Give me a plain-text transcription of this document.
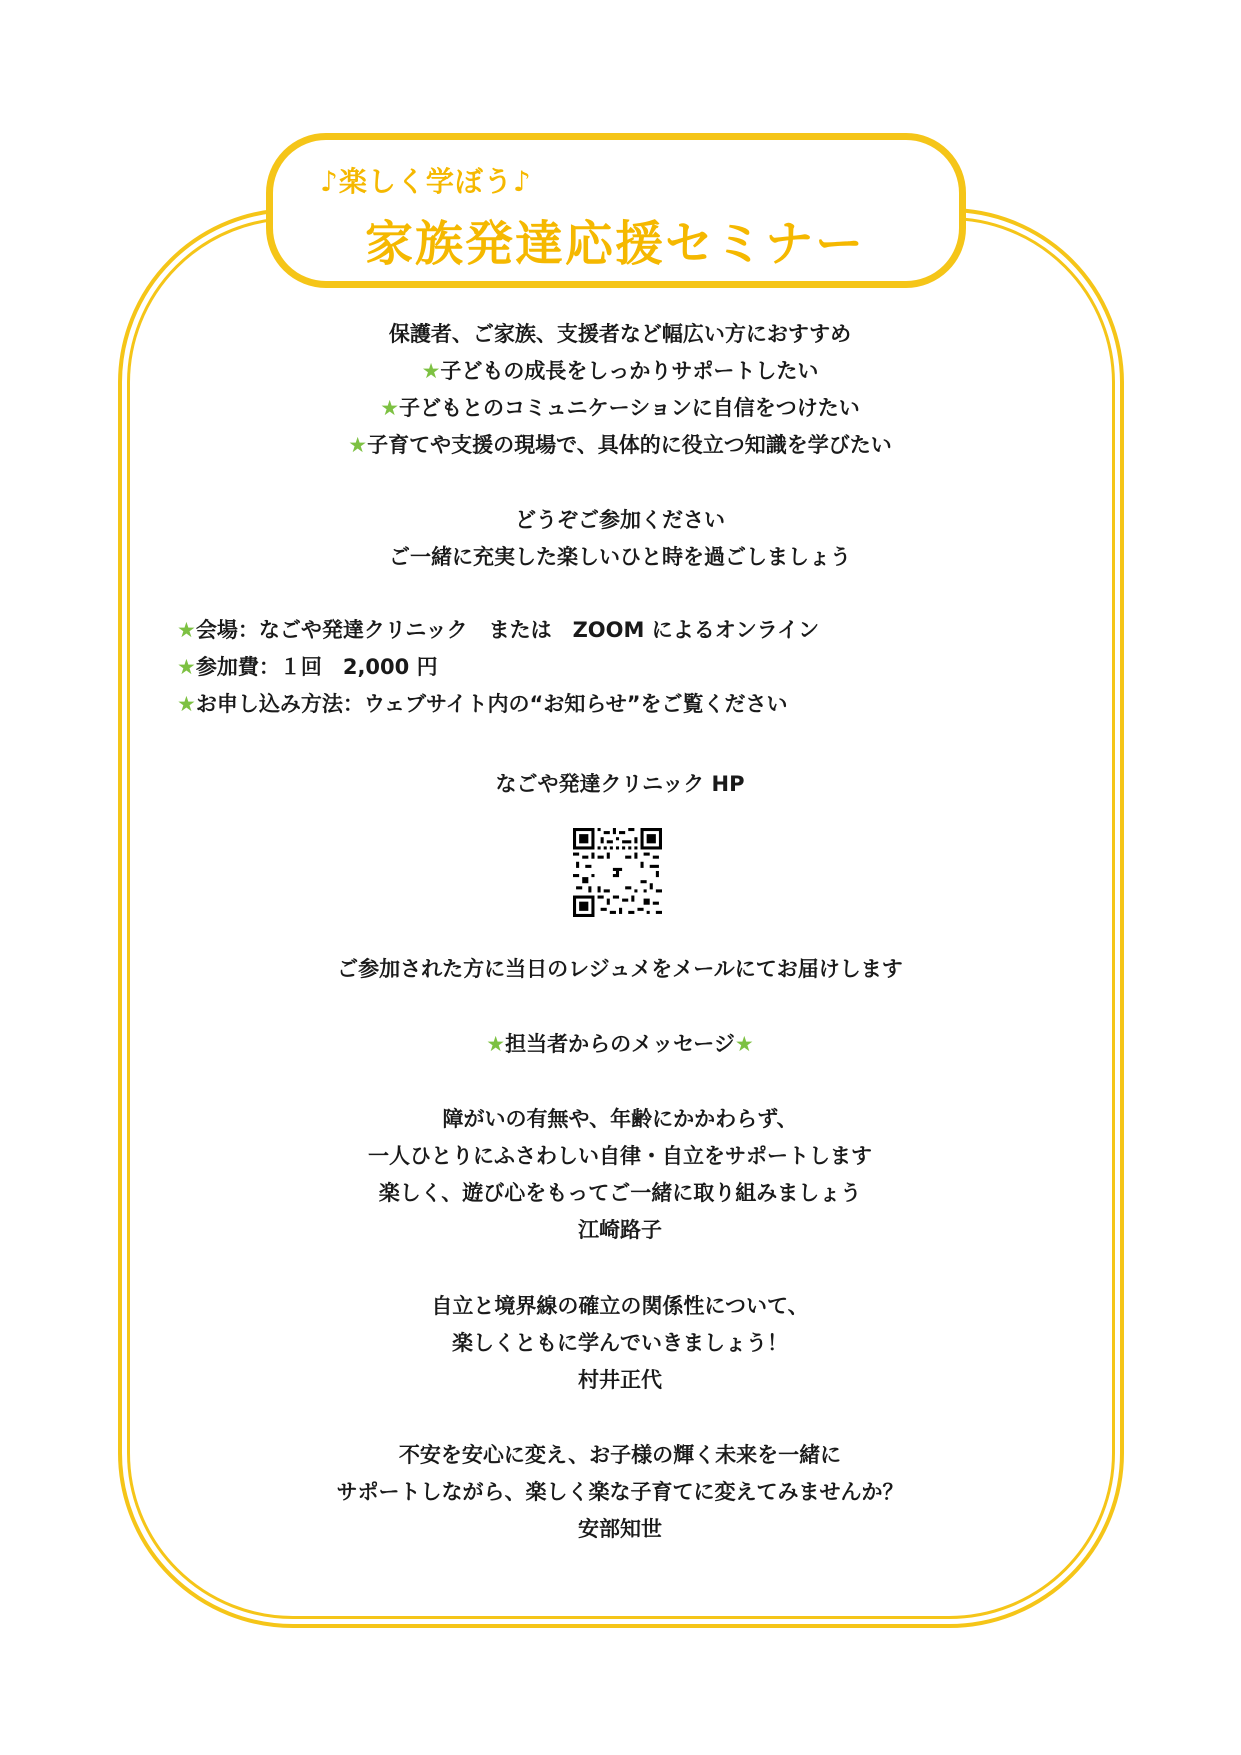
♪楽しく学ぼう♪
家族発達応援セミナー
保護者、ご家族、支援者など幅広い方におすすめ
★子どもの成長をしっかりサポートしたい
★子どもとのコミュニケーションに自信をつけたい
★子育てや支援の現場で、具体的に役立つ知識を学びたい
どうぞご参加ください
ご一緒に充実した楽しいひと時を過ごしましょう
★会場：なごや発達クリニック　または　ZOOM によるオンライン
★参加費：１回　2,000 円
★お申し込み方法：ウェブサイト内の“お知らせ”をご覧ください
なごや発達クリニック HP
ご参加された方に当日のレジュメをメールにてお届けします
★担当者からのメッセージ★
障がいの有無や、年齢にかかわらず、
一人ひとりにふさわしい自律・自立をサポートします
楽しく、遊び心をもってご一緒に取り組みましょう
江崎路子
自立と境界線の確立の関係性について、
楽しくともに学んでいきましょう！
村井正代
不安を安心に変え、お子様の輝く未来を一緒に
サポートしながら、楽しく楽な子育てに変えてみませんか？
安部知世
